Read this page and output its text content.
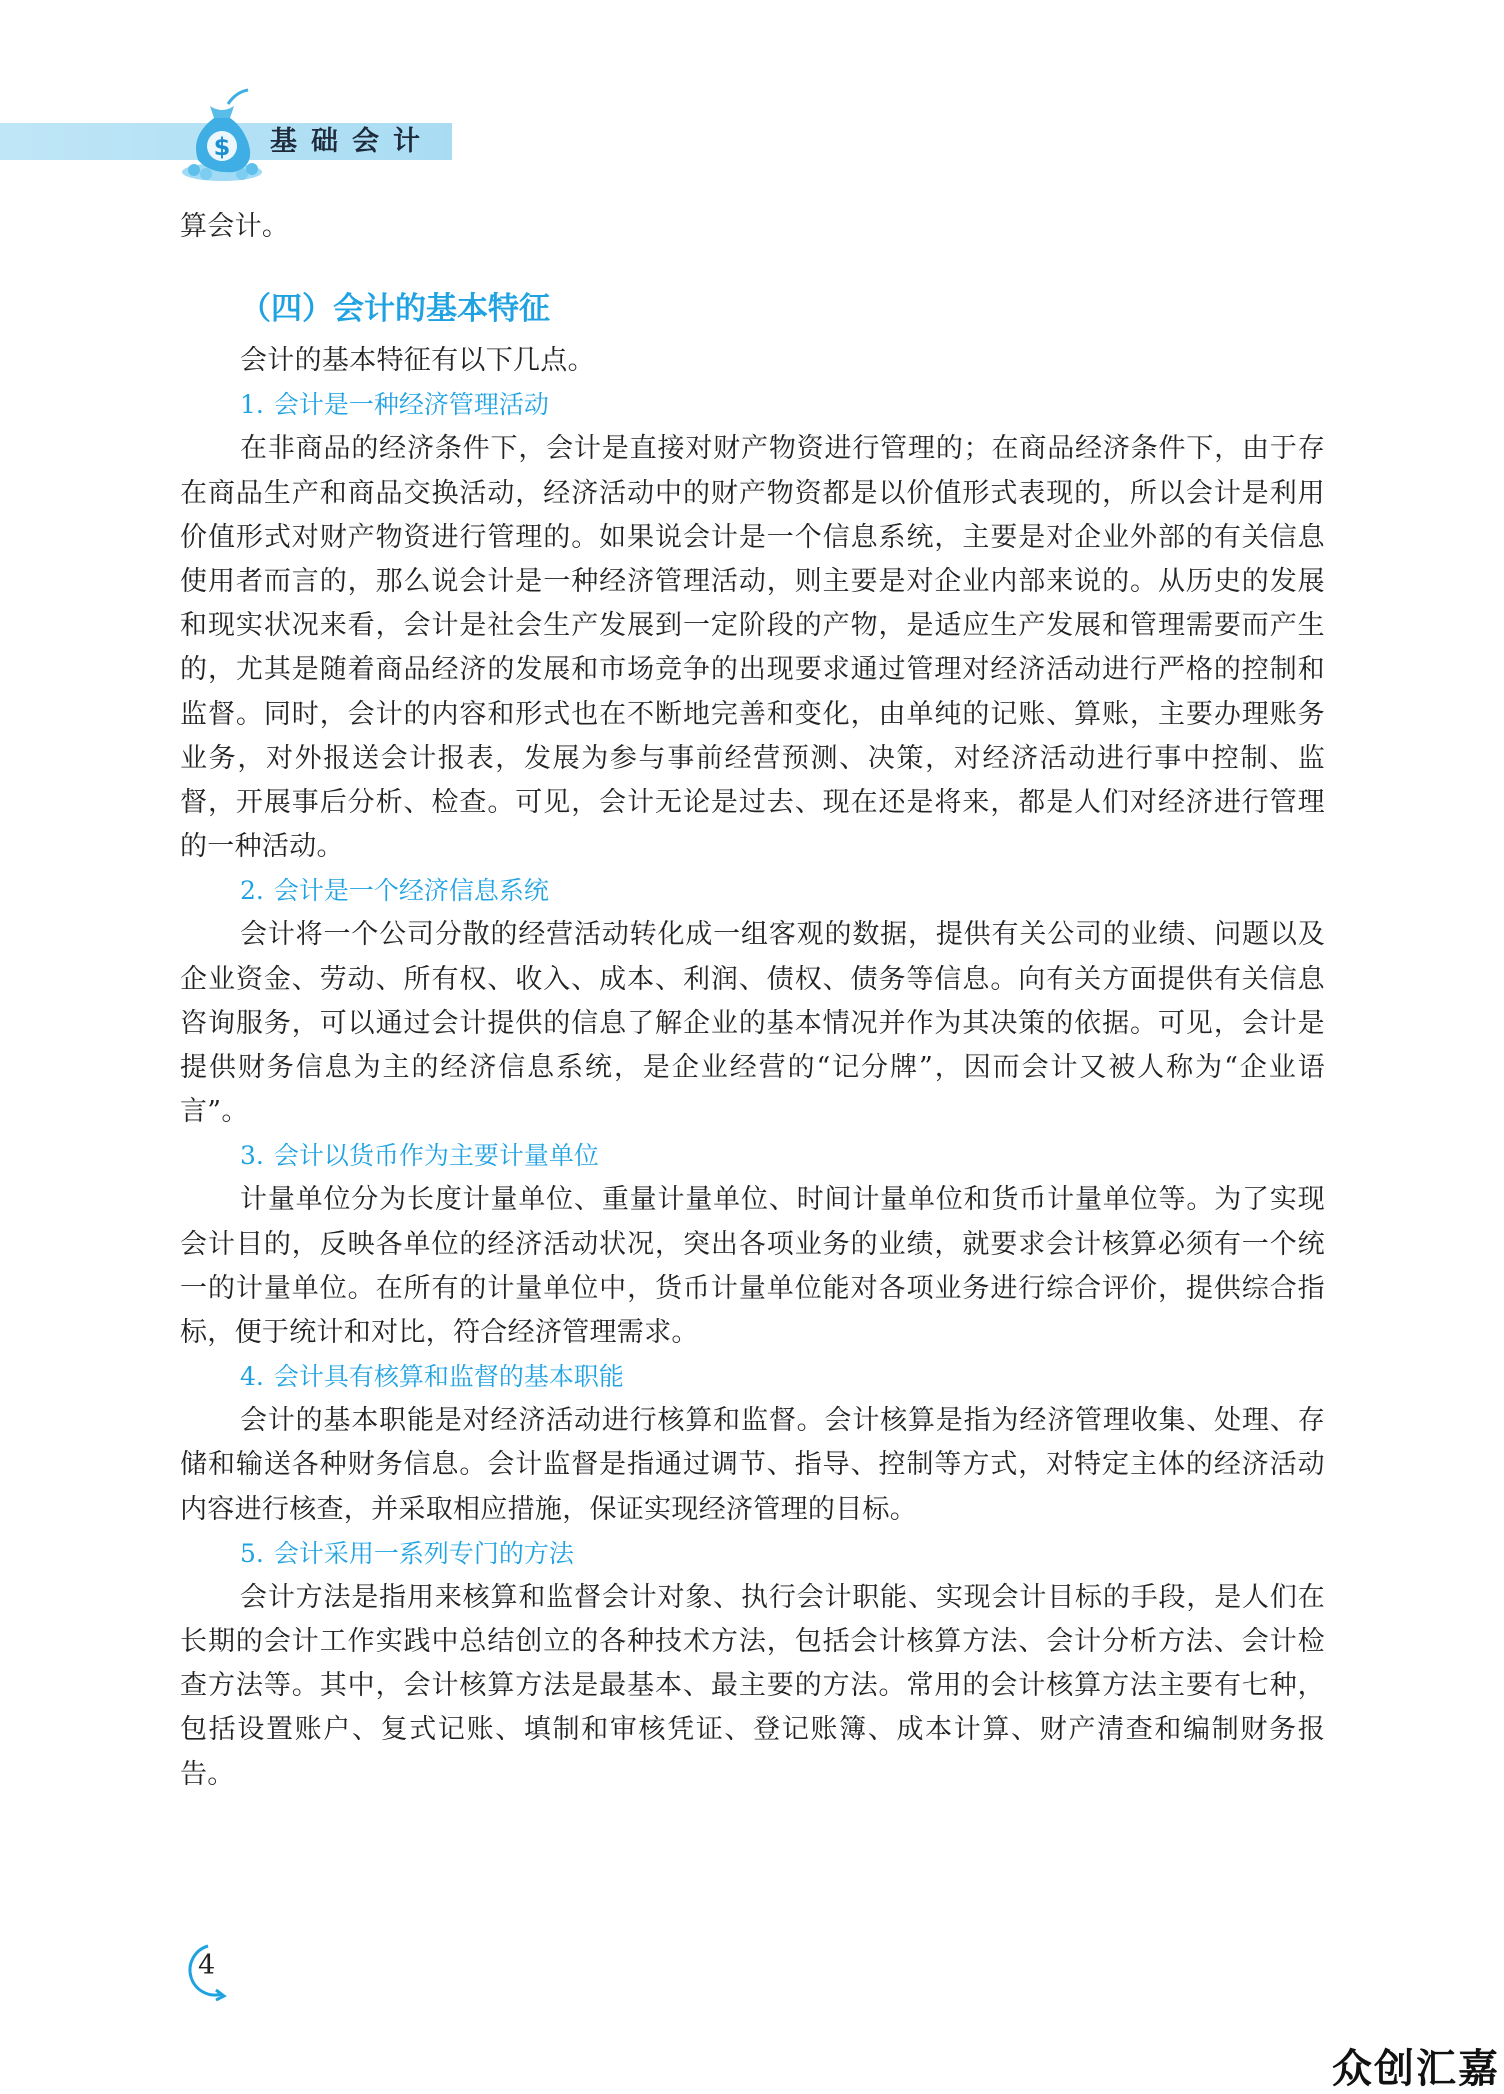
$ 基 础 会 计

算会计。

（四）会计的基本特征

会计的基本特征有以下几点。

1. 会计是一种经济管理活动

在非商品的经济条件下，会计是直接对财产物资进行管理的；在商品经济条件下，由于存在商品生产和商品交换活动，经济活动中的财产物资都是以价值形式表现的，所以会计是利用价值形式对财产物资进行管理的。如果说会计是一个信息系统，主要是对企业外部的有关信息使用者而言的，那么说会计是一种经济管理活动，则主要是对企业内部来说的。从历史的发展和现实状况来看，会计是社会生产发展到一定阶段的产物，是适应生产发展和管理需要而产生的，尤其是随着商品经济的发展和市场竞争的出现要求通过管理对经济活动进行严格的控制和监督。同时，会计的内容和形式也在不断地完善和变化，由单纯的记账、算账，主要办理账务业务，对外报送会计报表，发展为参与事前经营预测、决策，对经济活动进行事中控制、监督，开展事后分析、检查。可见，会计无论是过去、现在还是将来，都是人们对经济进行管理的一种活动。

2. 会计是一个经济信息系统

会计将一个公司分散的经营活动转化成一组客观的数据，提供有关公司的业绩、问题以及企业资金、劳动、所有权、收入、成本、利润、债权、债务等信息。向有关方面提供有关信息咨询服务，可以通过会计提供的信息了解企业的基本情况并作为其决策的依据。可见，会计是提供财务信息为主的经济信息系统，是企业经营的“记分牌”，因而会计又被人称为“企业语言”。

3. 会计以货币作为主要计量单位

计量单位分为长度计量单位、重量计量单位、时间计量单位和货币计量单位等。为了实现会计目的，反映各单位的经济活动状况，突出各项业务的业绩，就要求会计核算必须有一个统一的计量单位。在所有的计量单位中，货币计量单位能对各项业务进行综合评价，提供综合指标，便于统计和对比，符合经济管理需求。

4. 会计具有核算和监督的基本职能

会计的基本职能是对经济活动进行核算和监督。会计核算是指为经济管理收集、处理、存储和输送各种财务信息。会计监督是指通过调节、指导、控制等方式，对特定主体的经济活动内容进行核查，并采取相应措施，保证实现经济管理的目标。

5. 会计采用一系列专门的方法

会计方法是指用来核算和监督会计对象、执行会计职能、实现会计目标的手段，是人们在长期的会计工作实践中总结创立的各种技术方法，包括会计核算方法、会计分析方法、会计检查方法等。其中，会计核算方法是最基本、最主要的方法。常用的会计核算方法主要有七种，包括设置账户、复式记账、填制和审核凭证、登记账簿、成本计算、财产清查和编制财务报告。

4
众创汇嘉
